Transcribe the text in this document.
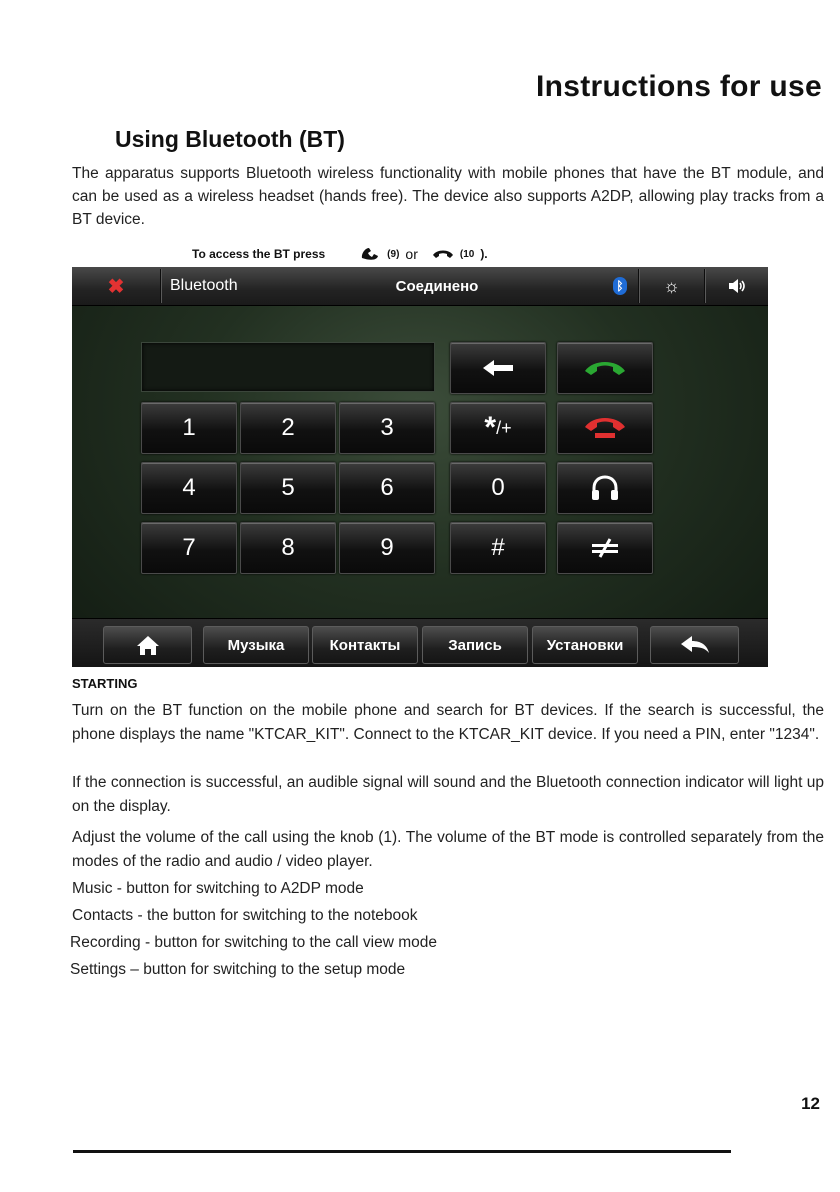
Instructions for use
Using Bluetooth (BT)
The apparatus supports Bluetooth wireless functionality with mobile phones that have the BT module, and can be used as a wireless headset (hands free). The device also supports A2DP, allowing play tracks from a BT device.
To access the BT press	(9) or	(10 ).
✖	Bluetooth	Соединено	ᛒ ☼
1	2	3	* /+
4	5	6	0
7	8	9	#
Музыка	Контакты	Запись	Установки
STARTING
Turn on the BT function on the mobile phone and search for BT devices. If the search is successful, the phone displays the name "KTCAR_KIT". Connect to the KTCAR_KIT device. If you need a PIN, enter "1234".
If the connection is successful, an audible signal will sound and the Bluetooth connection indicator will light up on the display.
Adjust the volume of the call using the knob (1). The volume of the BT mode is controlled separately from the modes of the radio and audio / video player.
Music - button for switching to A2DP mode
Contacts - the button for switching to the notebook
Recording - button for switching to the call view mode
Settings – button for switching to the setup mode
12
